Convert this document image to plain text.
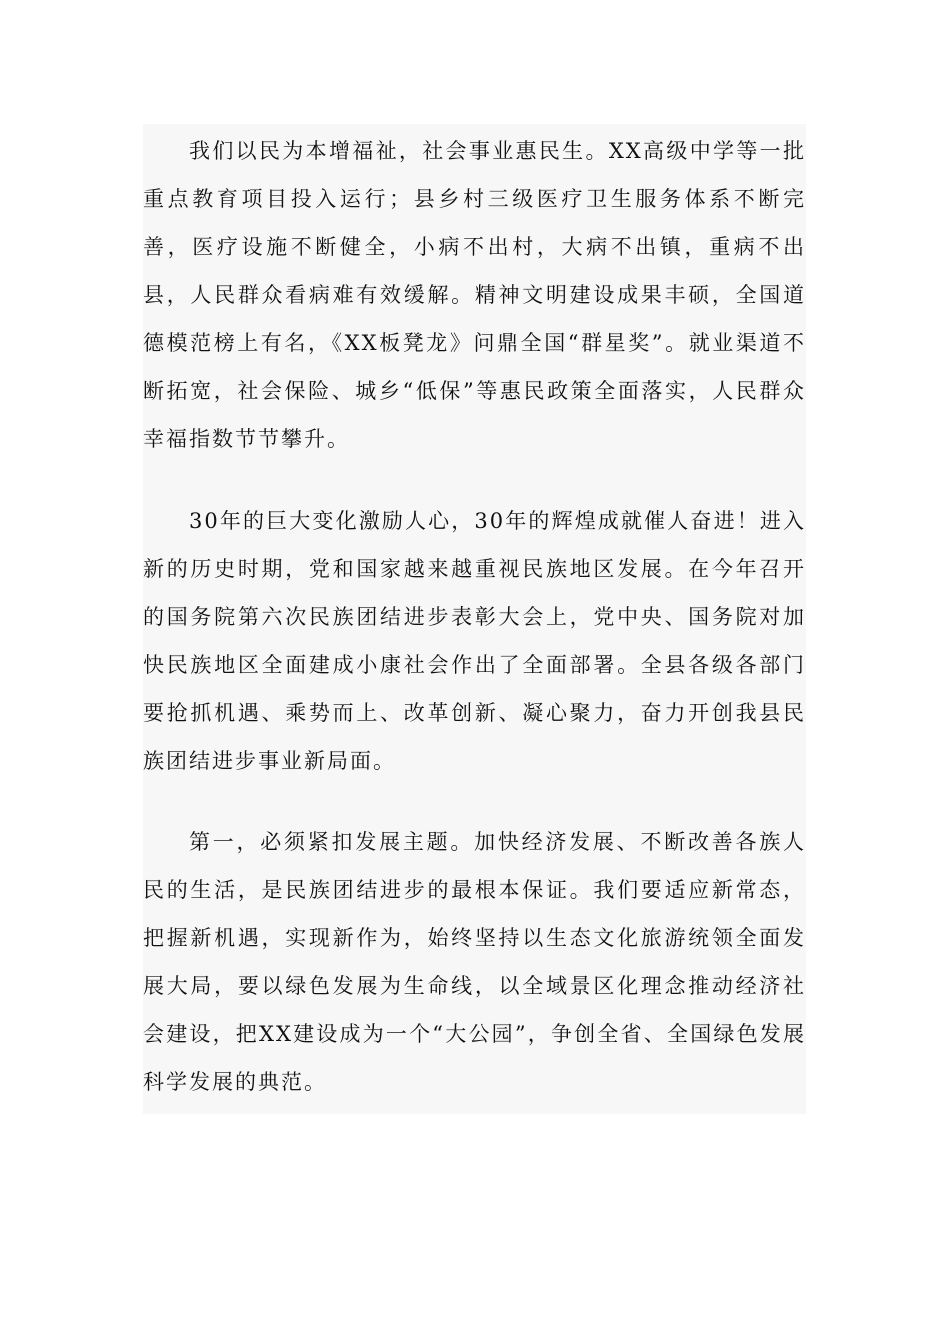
我们以民为本增福祉，社会事业惠民生。XX高级中学等一批重点教育项目投入运行；县乡村三级医疗卫生服务体系不断完善，医疗设施不断健全，小病不出村，大病不出镇，重病不出县，人民群众看病难有效缓解。精神文明建设成果丰硕，全国道德模范榜上有名，《XX板凳龙》问鼎全国“群星奖”。就业渠道不断拓宽，社会保险、城乡“低保”等惠民政策全面落实，人民群众幸福指数节节攀升。

30年的巨大变化激励人心，30年的辉煌成就催人奋进！进入新的历史时期，党和国家越来越重视民族地区发展。在今年召开的国务院第六次民族团结进步表彰大会上，党中央、国务院对加快民族地区全面建成小康社会作出了全面部署。全县各级各部门要抢抓机遇、乘势而上、改革创新、凝心聚力，奋力开创我县民族团结进步事业新局面。

第一，必须紧扣发展主题。加快经济发展、不断改善各族人民的生活，是民族团结进步的最根本保证。我们要适应新常态，把握新机遇，实现新作为，始终坚持以生态文化旅游统领全面发展大局，要以绿色发展为生命线，以全域景区化理念推动经济社会建设，把XX建设成为一个“大公园”，争创全省、全国绿色发展科学发展的典范。
